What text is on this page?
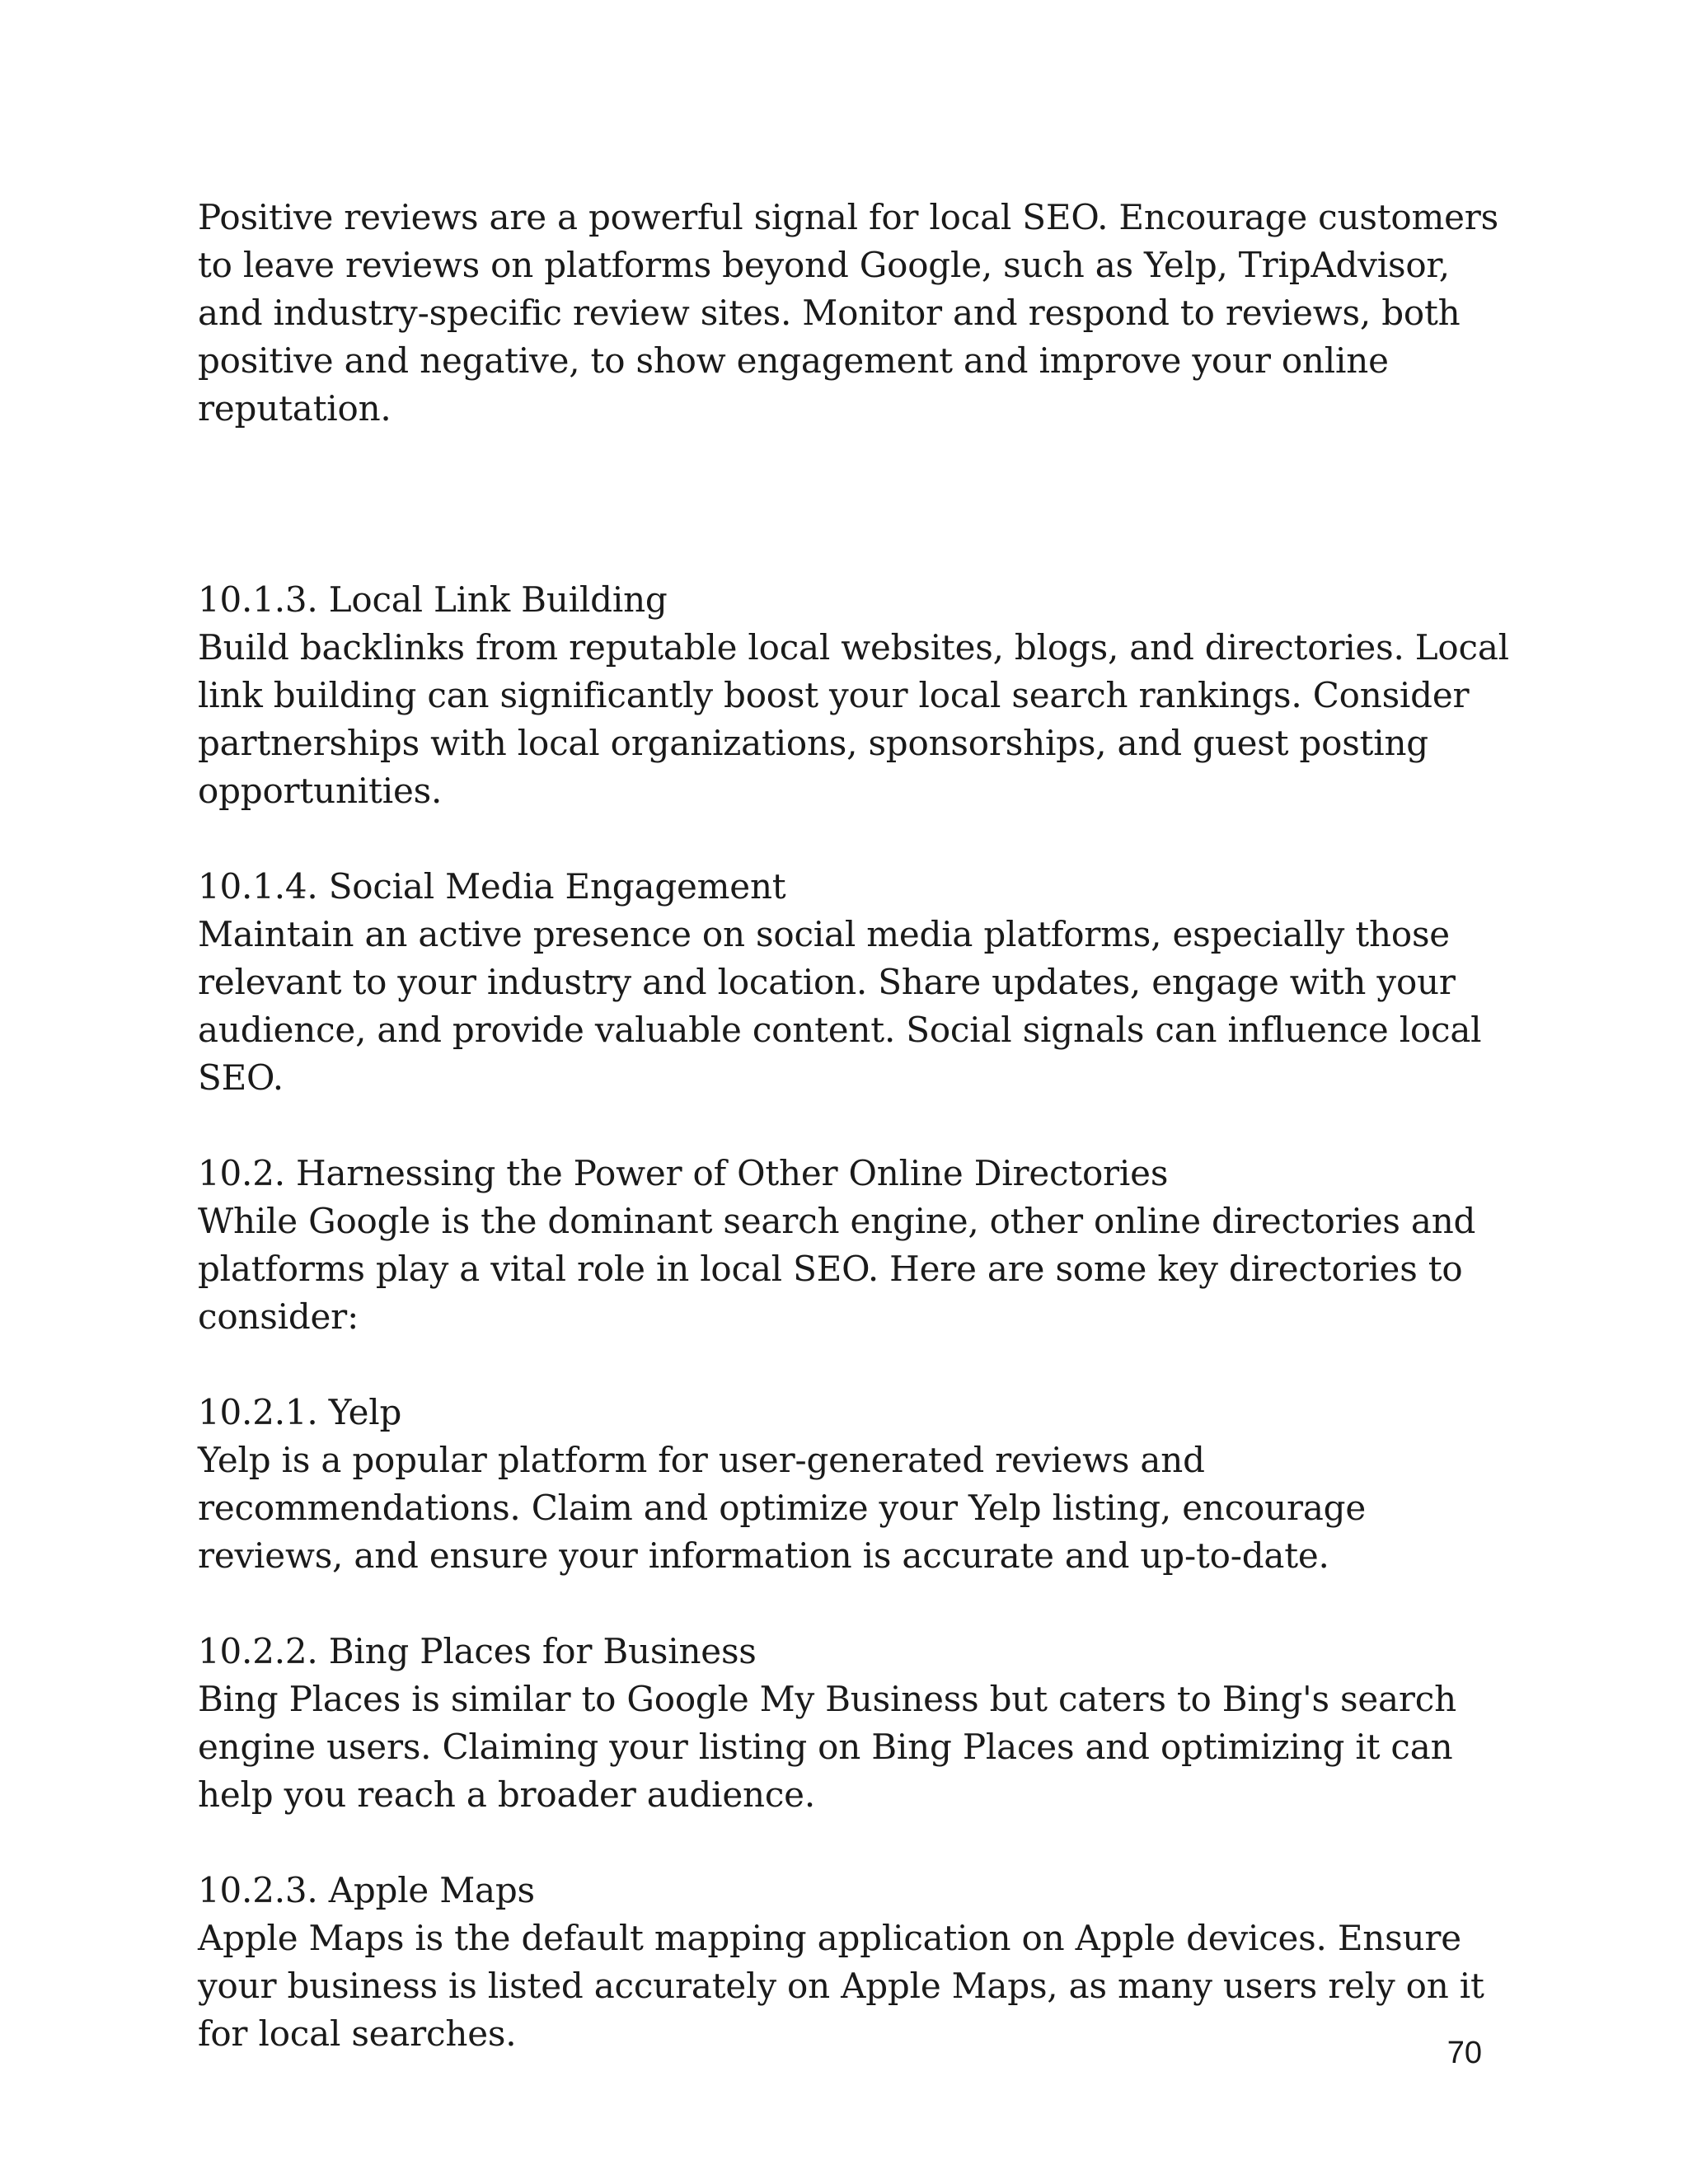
Positive reviews are a powerful signal for local SEO. Encourage customers to leave reviews on platforms beyond Google, such as Yelp, TripAdvisor, and industry-specific review sites. Monitor and respond to reviews, both positive and negative, to show engagement and improve your online reputation.

10.1.3. Local Link Building

Build backlinks from reputable local websites, blogs, and directories. Local link building can significantly boost your local search rankings. Consider partnerships with local organizations, sponsorships, and guest posting opportunities.

10.1.4. Social Media Engagement

Maintain an active presence on social media platforms, especially those relevant to your industry and location. Share updates, engage with your audience, and provide valuable content. Social signals can influence local SEO.

10.2. Harnessing the Power of Other Online Directories

While Google is the dominant search engine, other online directories and platforms play a vital role in local SEO. Here are some key directories to consider:

10.2.1. Yelp

Yelp is a popular platform for user-generated reviews and recommendations. Claim and optimize your Yelp listing, encourage reviews, and ensure your information is accurate and up-to-date.

10.2.2. Bing Places for Business

Bing Places is similar to Google My Business but caters to Bing's search engine users. Claiming your listing on Bing Places and optimizing it can help you reach a broader audience.

10.2.3. Apple Maps

Apple Maps is the default mapping application on Apple devices. Ensure your business is listed accurately on Apple Maps, as many users rely on it for local searches.	70
